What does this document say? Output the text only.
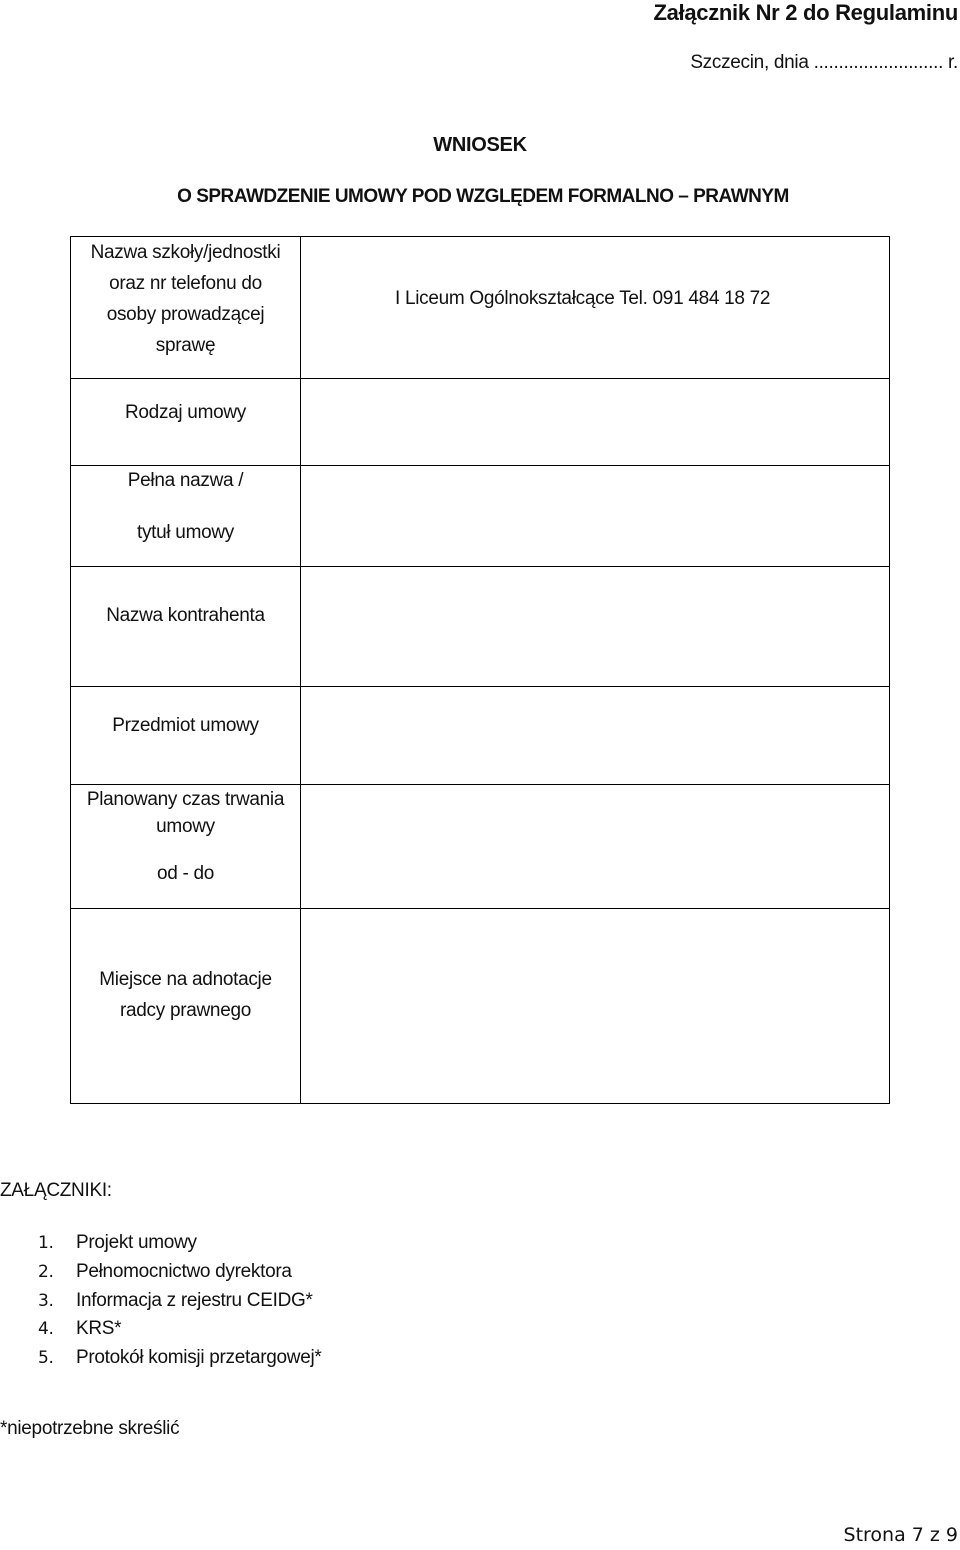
Załącznik Nr 2 do Regulaminu
Szczecin, dnia .......................... r.
WNIOSEK
O SPRAWDZENIE UMOWY POD WZGLĘDEM FORMALNO – PRAWNYM
Nazwa szkoły/jednostki
oraz nr telefonu do
osoby prowadzącej
sprawę	I Liceum Ogólnokształcące Tel. 091 484 18 72

Rodzaj umowy	

Pełna nazwa /
tytuł umowy	

Nazwa kontrahenta	

Przedmiot umowy	

Planowany czas trwania
umowy
od - do	

Miejsce na adnotacje
radcy prawnego	

ZAŁĄCZNIKI:
1. Projekt umowy
2. Pełnomocnictwo dyrektora
3. Informacja z rejestru CEIDG*
4. KRS*
5. Protokół komisji przetargowej*
*niepotrzebne skreślić
Strona 7 z 9
